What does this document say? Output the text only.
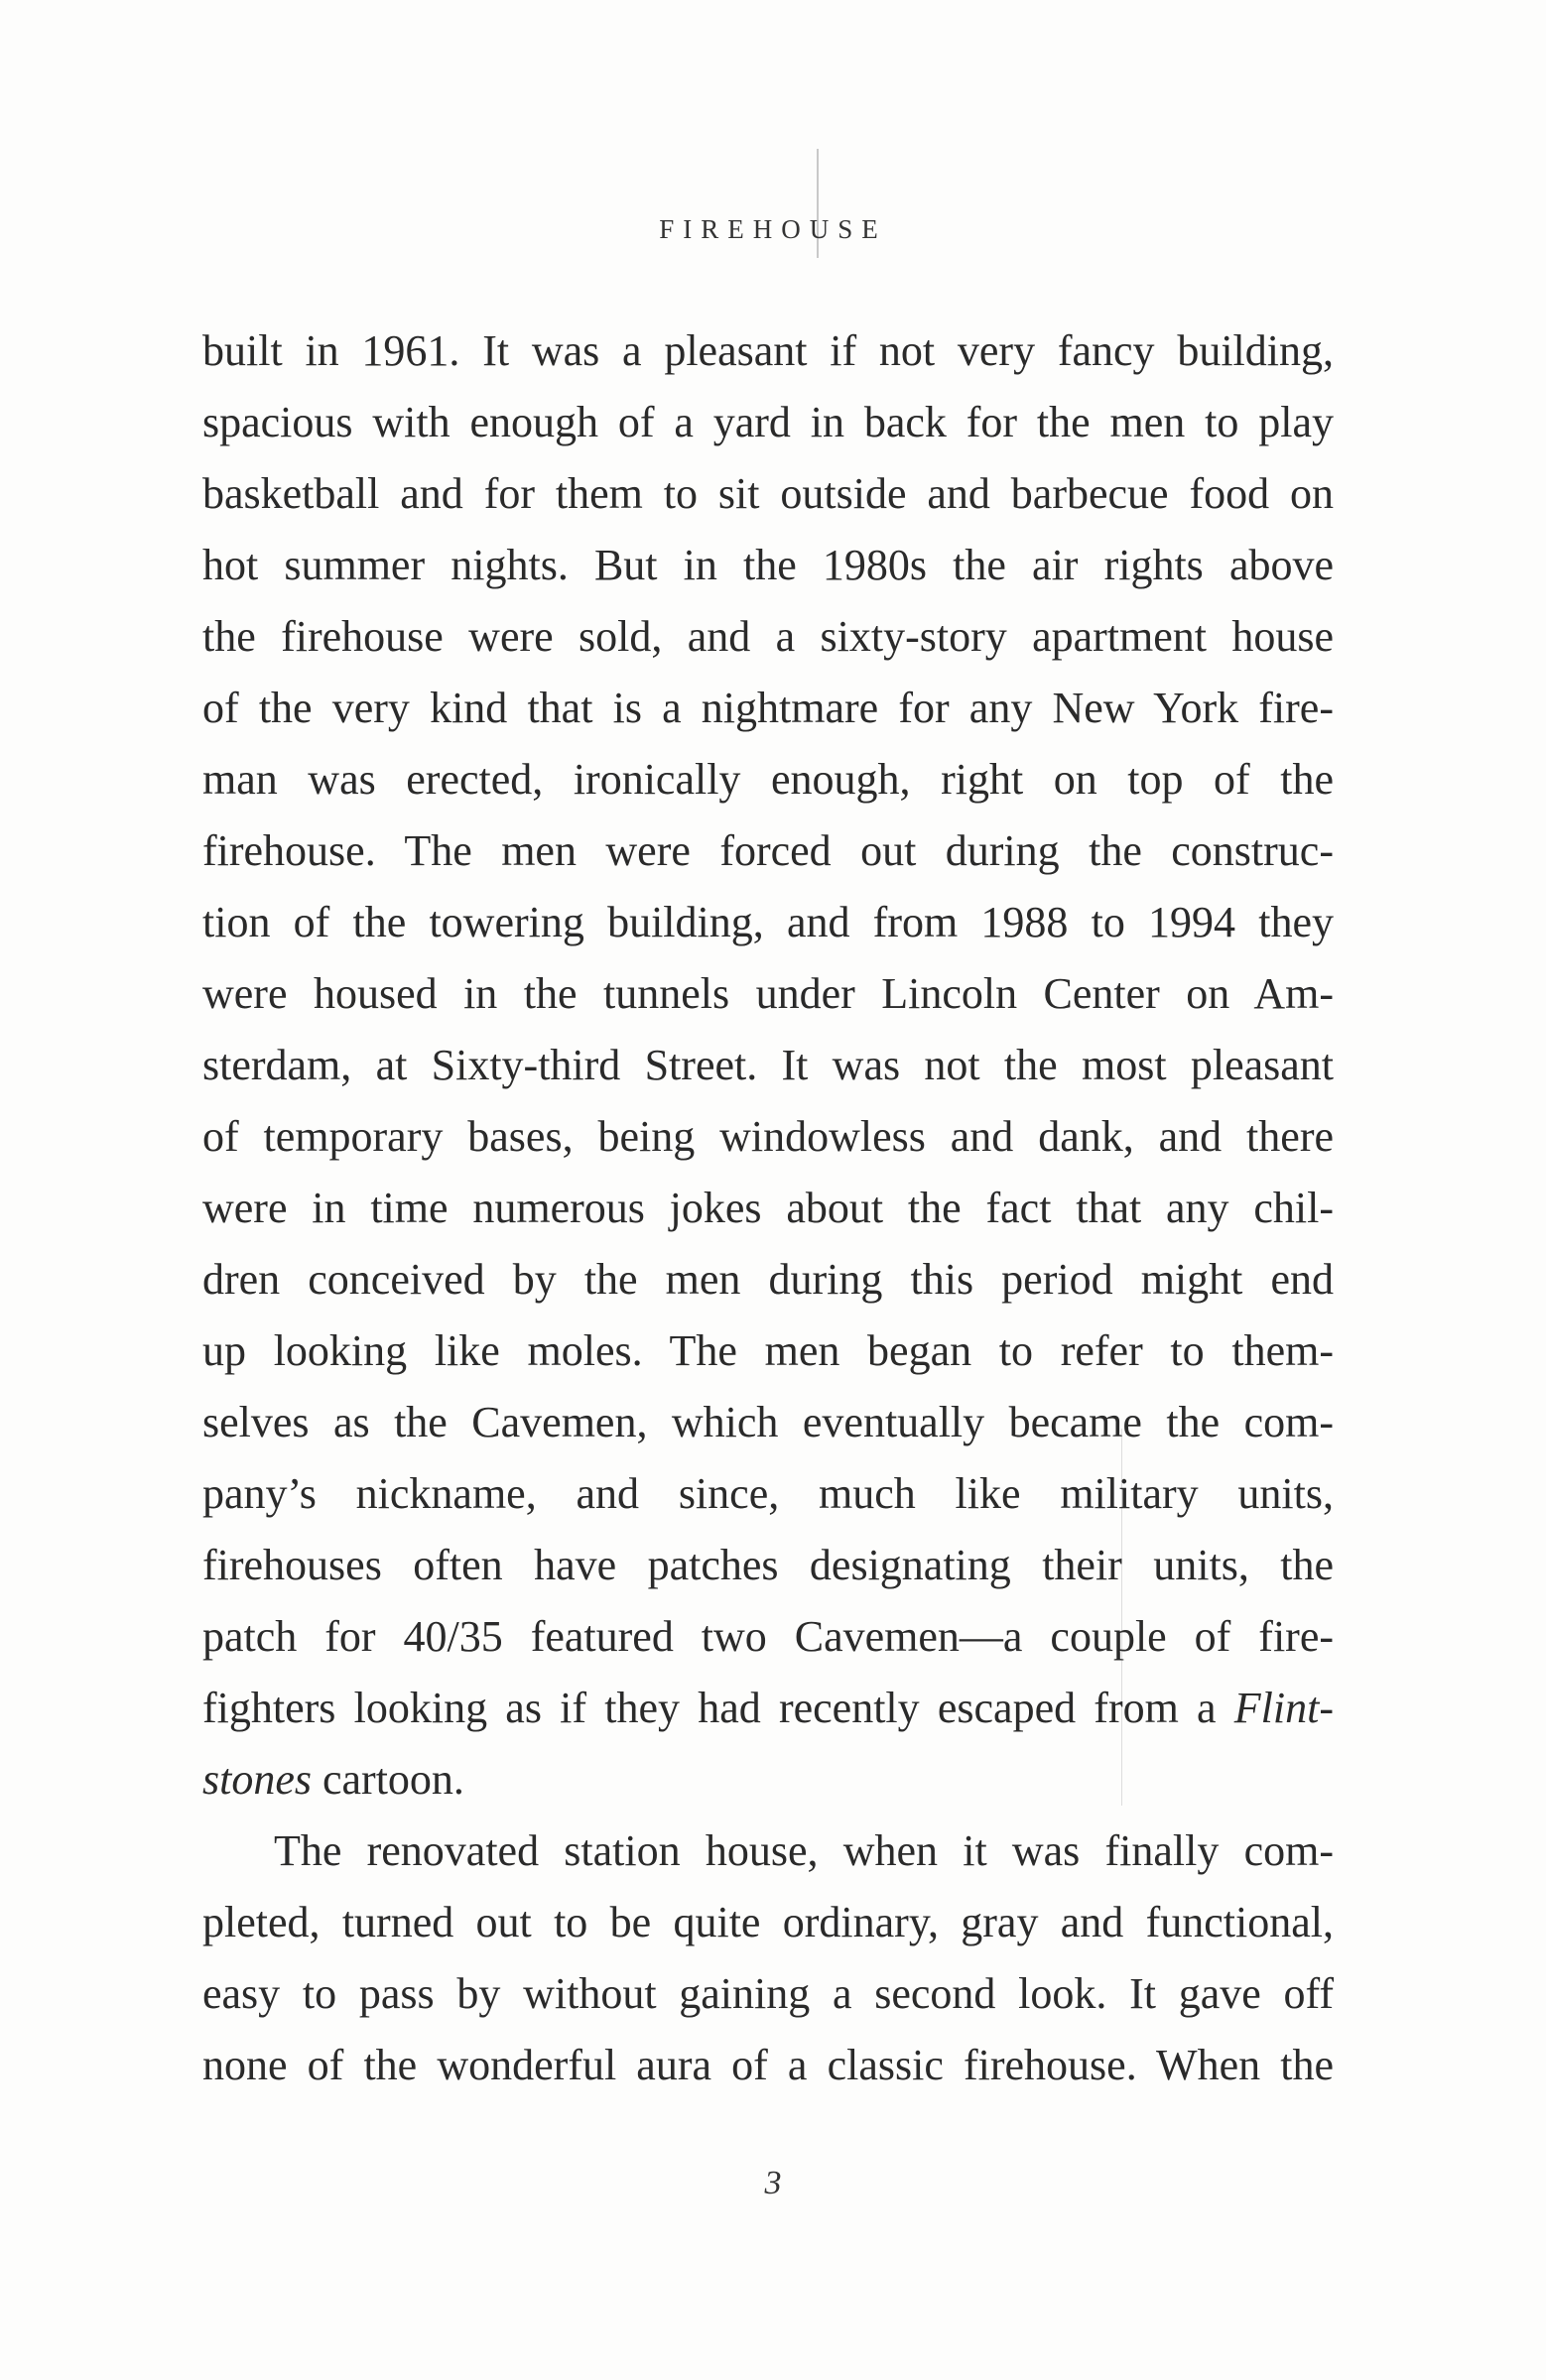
FIREHOUSE

built in 1961. It was a pleasant if not very fancy building,

spacious with enough of a yard in back for the men to play

basketball and for them to sit outside and barbecue food on

hot summer nights. But in the 1980s the air rights above

the firehouse were sold, and a sixty-story apartment house

of the very kind that is a nightmare for any New York fire-

man was erected, ironically enough, right on top of the

firehouse. The men were forced out during the construc-

tion of the towering building, and from 1988 to 1994 they

were housed in the tunnels under Lincoln Center on Am-

sterdam, at Sixty-third Street. It was not the most pleasant

of temporary bases, being windowless and dank, and there

were in time numerous jokes about the fact that any chil-

dren conceived by the men during this period might end

up looking like moles. The men began to refer to them-

selves as the Cavemen, which eventually became the com-

pany’s nickname, and since, much like military units,

firehouses often have patches designating their units, the

patch for 40/35 featured two Cavemen—a couple of fire-

fighters looking as if they had recently escaped from a Flint-

stones cartoon.

The renovated station house, when it was finally com-

pleted, turned out to be quite ordinary, gray and functional,

easy to pass by without gaining a second look. It gave off

none of the wonderful aura of a classic firehouse. When the

3
